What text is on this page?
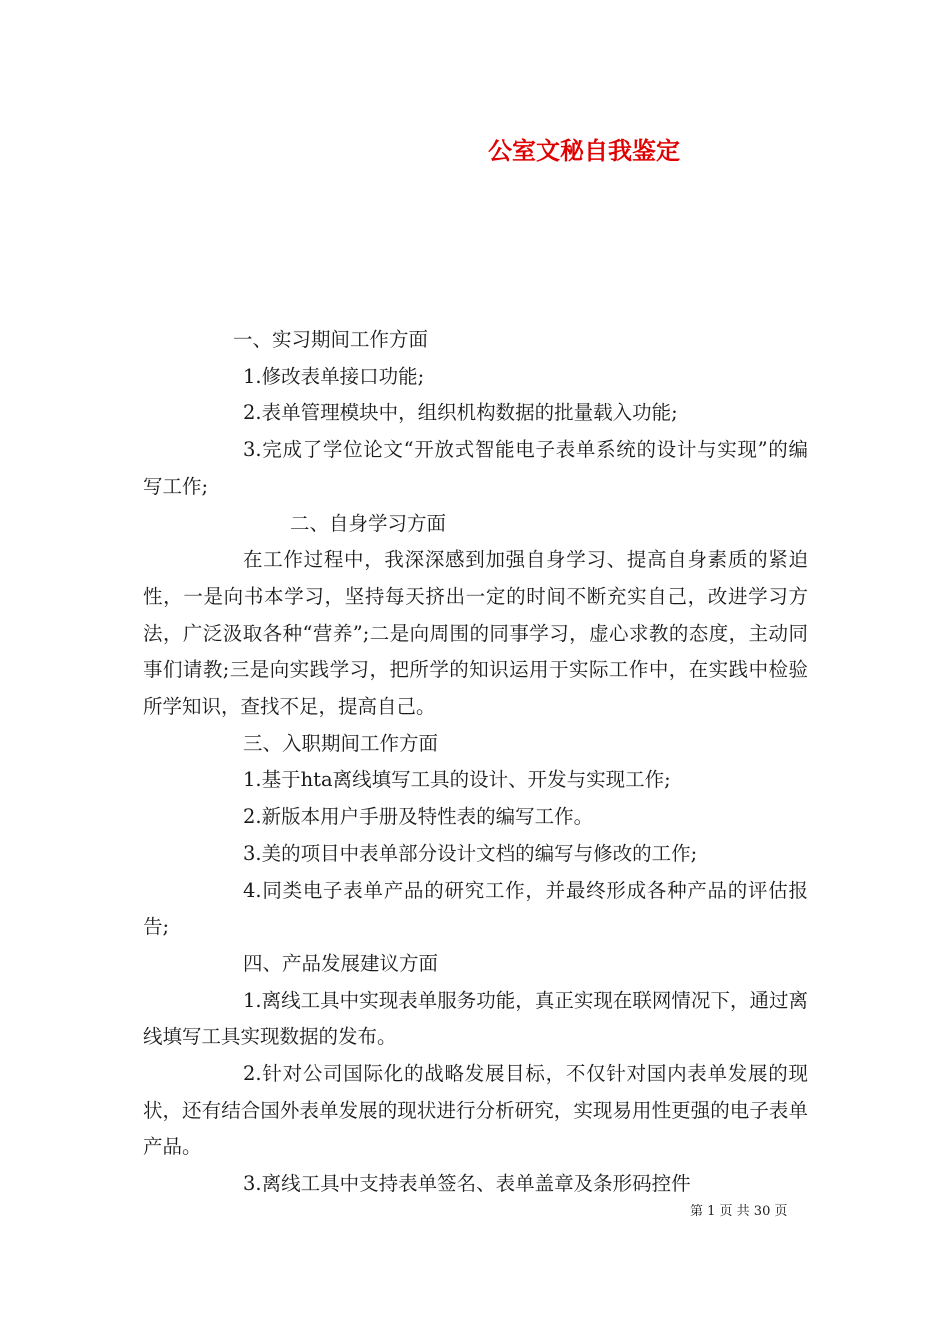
公室文秘自我鉴定

一、实习期间工作方面

1.修改表单接口功能;

2.表单管理模块中，组织机构数据的批量载入功能;

3.完成了学位论文“开放式智能电子表单系统的设计与实现”的编写工作;

二、自身学习方面

在工作过程中，我深深感到加强自身学习、提高自身素质的紧迫性，一是向书本学习，坚持每天挤出一定的时间不断充实自己，改进学习方法，广泛汲取各种“营养”;二是向周围的同事学习，虚心求教的态度，主动同事们请教;三是向实践学习，把所学的知识运用于实际工作中，在实践中检验所学知识，查找不足，提高自己。

三、入职期间工作方面

1.基于hta离线填写工具的设计、开发与实现工作;

2.新版本用户手册及特性表的编写工作。

3.美的项目中表单部分设计文档的编写与修改的工作;

4.同类电子表单产品的研究工作，并最终形成各种产品的评估报告;

四、产品发展建议方面

1.离线工具中实现表单服务功能，真正实现在联网情况下，通过离线填写工具实现数据的发布。

2.针对公司国际化的战略发展目标，不仅针对国内表单发展的现状，还有结合国外表单发展的现状进行分析研究，实现易用性更强的电子表单产品。

3.离线工具中支持表单签名、表单盖章及条形码控件

第 1 页 共 30 页
